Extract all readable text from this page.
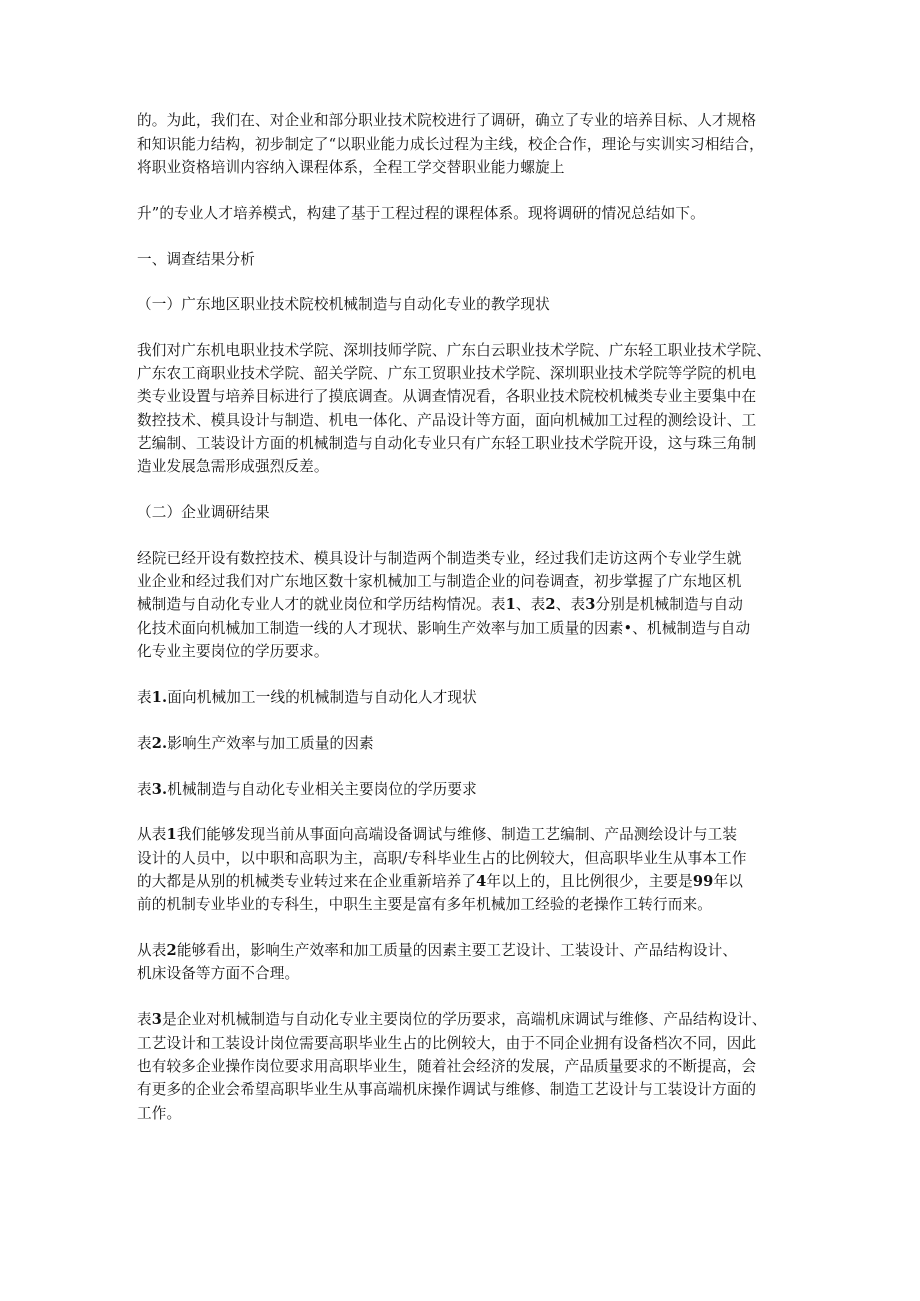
的。为此，我们在、对企业和部分职业技术院校进行了调研，确立了专业的培养目标、人才规格
和知识能力结构，初步制定了“以职业能力成长过程为主线，校企合作，理论与实训实习相结合，
将职业资格培训内容纳入课程体系，全程工学交替职业能力螺旋上
升”的专业人才培养模式，构建了基于工程过程的课程体系。现将调研的情况总结如下。
一、调查结果分析
（一）广东地区职业技术院校机械制造与自动化专业的教学现状
我们对广东机电职业技术学院、深圳技师学院、广东白云职业技术学院、广东轻工职业技术学院、
广东农工商职业技术学院、韶关学院、广东工贸职业技术学院、深圳职业技术学院等学院的机电
类专业设置与培养目标进行了摸底调查。从调查情况看，各职业技术院校机械类专业主要集中在
数控技术、模具设计与制造、机电一体化、产品设计等方面，面向机械加工过程的测绘设计、工
艺编制、工装设计方面的机械制造与自动化专业只有广东轻工职业技术学院开设，这与珠三角制
造业发展急需形成强烈反差。
（二）企业调研结果
经院已经开设有数控技术、模具设计与制造两个制造类专业，经过我们走访这两个专业学生就
业企业和经过我们对广东地区数十家机械加工与制造企业的问卷调查，初步掌握了广东地区机
械制造与自动化专业人才的就业岗位和学历结构情况。表1、表2、表3分别是机械制造与自动
化技术面向机械加工制造一线的人才现状、影响生产效率与加工质量的因素•、机械制造与自动
化专业主要岗位的学历要求。
表1.面向机械加工一线的机械制造与自动化人才现状
表2.影响生产效率与加工质量的因素
表3.机械制造与自动化专业相关主要岗位的学历要求
从表1我们能够发现当前从事面向高端设备调试与维修、制造工艺编制、产品测绘设计与工装
设计的人员中，以中职和高职为主，高职/专科毕业生占的比例较大，但高职毕业生从事本工作
的大都是从别的机械类专业转过来在企业重新培养了4年以上的，且比例很少，主要是99年以
前的机制专业毕业的专科生，中职生主要是富有多年机械加工经验的老操作工转行而来。
从表2能够看出，影响生产效率和加工质量的因素主要工艺设计、工装设计、产品结构设计、
机床设备等方面不合理。
表3是企业对机械制造与自动化专业主要岗位的学历要求，高端机床调试与维修、产品结构设计、
工艺设计和工装设计岗位需要高职毕业生占的比例较大，由于不同企业拥有设备档次不同，因此
也有较多企业操作岗位要求用高职毕业生，随着社会经济的发展，产品质量要求的不断提高，会
有更多的企业会希望高职毕业生从事高端机床操作调试与维修、制造工艺设计与工装设计方面的
工作。
